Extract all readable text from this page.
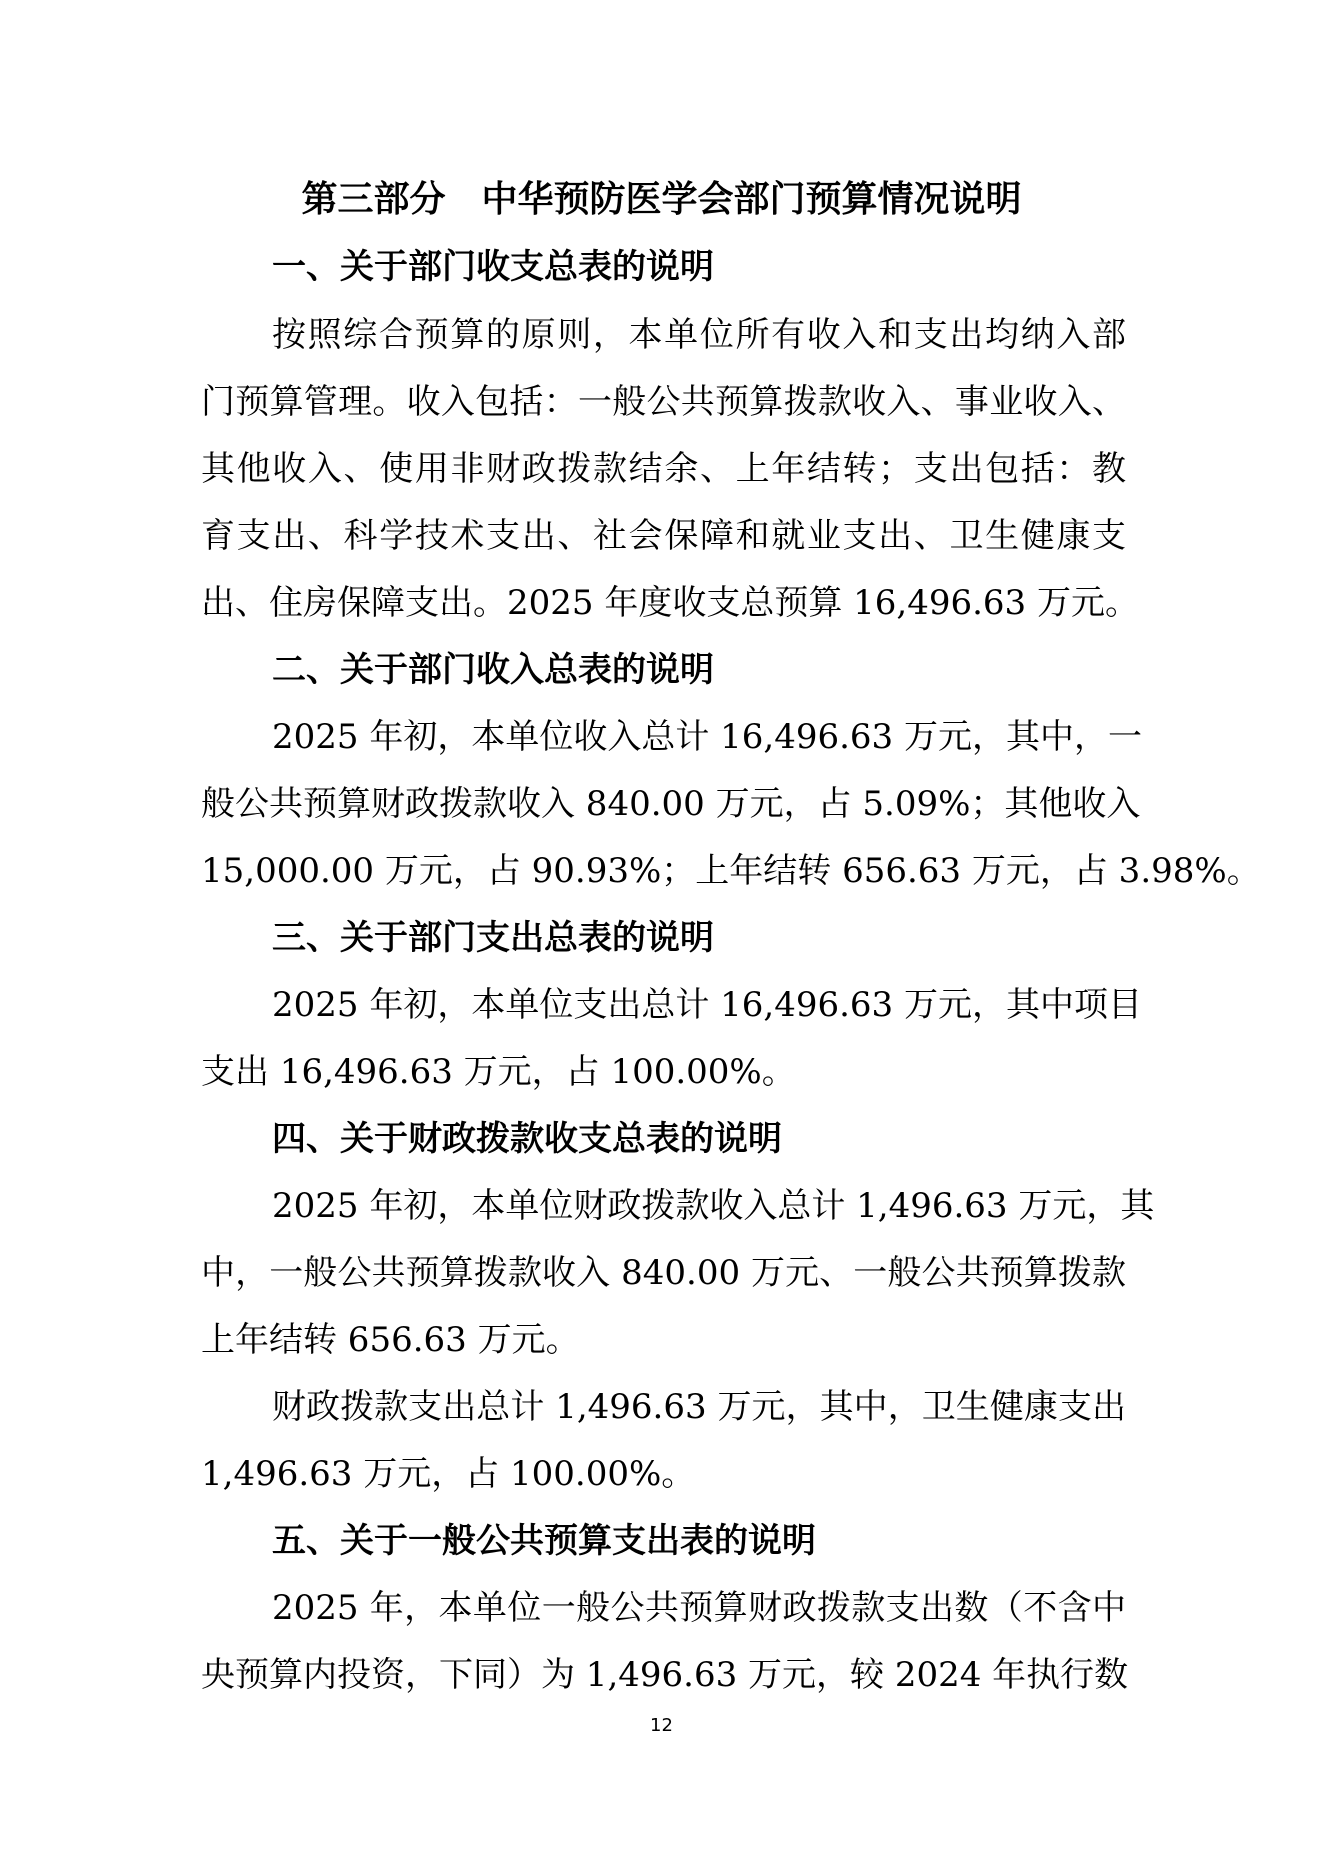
第三部分　中华预防医学会部门预算情况说明
一、关于部门收支总表的说明
按照综合预算的原则，本单位所有收入和支出均纳入部
门预算管理。收入包括：一般公共预算拨款收入、事业收入、
其他收入、使用非财政拨款结余、上年结转；支出包括：教
育支出、科学技术支出、社会保障和就业支出、卫生健康支
出、住房保障支出。2025 年度收支总预算 16,496.63 万元。
二、关于部门收入总表的说明
2025 年初，本单位收入总计 16,496.63 万元，其中，一
般公共预算财政拨款收入 840.00 万元，占 5.09%；其他收入
15,000.00 万元，占 90.93%；上年结转 656.63 万元，占 3.98%。
三、关于部门支出总表的说明
2025 年初，本单位支出总计 16,496.63 万元，其中项目
支出 16,496.63 万元，占 100.00%。
四、关于财政拨款收支总表的说明
2025 年初，本单位财政拨款收入总计 1,496.63 万元，其
中，一般公共预算拨款收入 840.00 万元、一般公共预算拨款
上年结转 656.63 万元。
财政拨款支出总计 1,496.63 万元，其中，卫生健康支出
1,496.63 万元，占 100.00%。
五、关于一般公共预算支出表的说明
2025 年，本单位一般公共预算财政拨款支出数（不含中
央预算内投资，下同）为 1,496.63 万元，较 2024 年执行数
12
